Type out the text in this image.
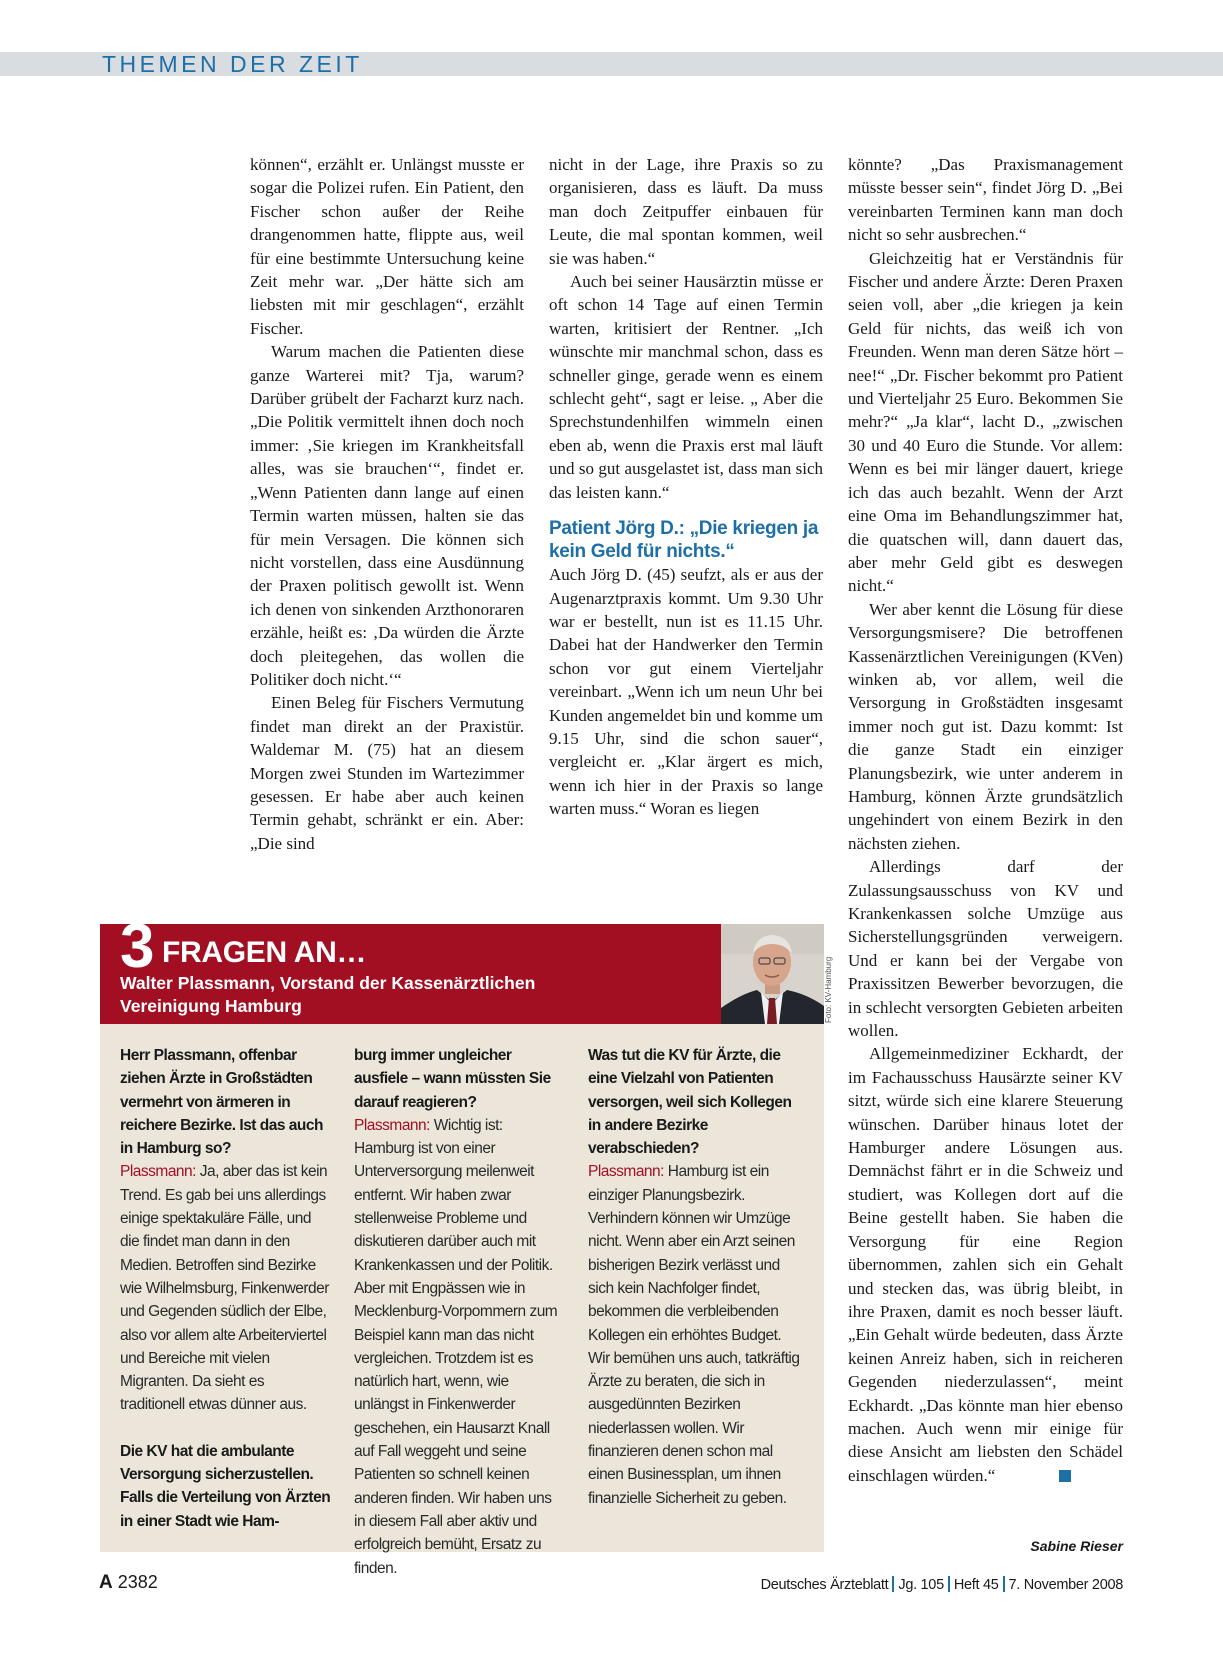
THEMEN DER ZEIT

können“, erzählt er. Unlängst musste er sogar die Polizei rufen. Ein Patient, den Fischer schon außer der Reihe drangenommen hatte, flippte aus, weil für eine bestimmte Untersuchung keine Zeit mehr war. „Der hätte sich am liebsten mit mir geschlagen“, erzählt Fischer.

Warum machen die Patienten diese ganze Warterei mit? Tja, warum? Darüber grübelt der Facharzt kurz nach. „Die Politik vermittelt ihnen doch noch immer: ‚Sie kriegen im Krankheitsfall alles, was sie brauchen‘“, findet er. „Wenn Patienten dann lange auf einen Termin warten müssen, halten sie das für mein Versagen. Die können sich nicht vorstellen, dass eine Ausdünnung der Praxen politisch gewollt ist. Wenn ich denen von sinkenden Arzthonoraren erzähle, heißt es: ‚Da würden die Ärzte doch pleitegehen, das wollen die Politiker doch nicht.‘“

Einen Beleg für Fischers Vermutung findet man direkt an der Praxistür. Waldemar M. (75) hat an diesem Morgen zwei Stunden im Wartezimmer gesessen. Er habe aber auch keinen Termin gehabt, schränkt er ein. Aber: „Die sind

nicht in der Lage, ihre Praxis so zu organisieren, dass es läuft. Da muss man doch Zeitpuffer einbauen für Leute, die mal spontan kommen, weil sie was haben.“

Auch bei seiner Hausärztin müsse er oft schon 14 Tage auf einen Termin warten, kritisiert der Rentner. „Ich wünschte mir manchmal schon, dass es schneller ginge, gerade wenn es einem schlecht geht“, sagt er leise. „ Aber die Sprechstundenhilfen wimmeln einen eben ab, wenn die Praxis erst mal läuft und so gut ausgelastet ist, dass man sich das leisten kann.“

Patient Jörg D.: „Die kriegen ja kein Geld für nichts.“

Auch Jörg D. (45) seufzt, als er aus der Augenarztpraxis kommt. Um 9.30 Uhr war er bestellt, nun ist es 11.15 Uhr. Dabei hat der Handwerker den Termin schon vor gut einem Vierteljahr vereinbart. „Wenn ich um neun Uhr bei Kunden angemeldet bin und komme um 9.15 Uhr, sind die schon sauer“, vergleicht er. „Klar ärgert es mich, wenn ich hier in der Praxis so lange warten muss.“ Woran es liegen

könnte? „Das Praxismanagement müsste besser sein“, findet Jörg D. „Bei vereinbarten Terminen kann man doch nicht so sehr ausbrechen.“

Gleichzeitig hat er Verständnis für Fischer und andere Ärzte: Deren Praxen seien voll, aber „die kriegen ja kein Geld für nichts, das weiß ich von Freunden. Wenn man deren Sätze hört – nee!“ „Dr. Fischer bekommt pro Patient und Vierteljahr 25 Euro. Bekommen Sie mehr?“ „Ja klar“, lacht D., „zwischen 30 und 40 Euro die Stunde. Vor allem: Wenn es bei mir länger dauert, kriege ich das auch bezahlt. Wenn der Arzt eine Oma im Behandlungszimmer hat, die quatschen will, dann dauert das, aber mehr Geld gibt es deswegen nicht.“

Wer aber kennt die Lösung für diese Versorgungsmisere? Die betroffenen Kassenärztlichen Vereinigungen (KVen) winken ab, vor allem, weil die Versorgung in Großstädten insgesamt immer noch gut ist. Dazu kommt: Ist die ganze Stadt ein einziger Planungsbezirk, wie unter anderem in Hamburg, können Ärzte grundsätzlich ungehindert von einem Bezirk in den nächsten ziehen.

Allerdings darf der Zulassungsausschuss von KV und Krankenkassen solche Umzüge aus Sicherstellungsgründen verweigern. Und er kann bei der Vergabe von Praxissitzen Bewerber bevorzugen, die in schlecht versorgten Gebieten arbeiten wollen.

Allgemeinmediziner Eckhardt, der im Fachausschuss Hausärzte seiner KV sitzt, würde sich eine klarere Steuerung wünschen. Darüber hinaus lotet der Hamburger andere Lösungen aus. Demnächst fährt er in die Schweiz und studiert, was Kollegen dort auf die Beine gestellt haben. Sie haben die Versorgung für eine Region übernommen, zahlen sich ein Gehalt und stecken das, was übrig bleibt, in ihre Praxen, damit es noch besser läuft. „Ein Gehalt würde bedeuten, dass Ärzte keinen Anreiz haben, sich in reicheren Gegenden niederzulassen“, meint Eckhardt. „Das könnte man hier ebenso machen. Auch wenn mir einige für diese Ansicht am liebsten den Schädel einschlagen würden.“

Sabine Rieser
3 FRAGEN AN…
Walter Plassmann, Vorstand der Kassenärztlichen Vereinigung Hamburg	Foto: KV-Hamburg
Herr Plassmann, offenbar ziehen Ärzte in Großstädten vermehrt von ärmeren in reichere Bezirke. Ist das auch in Hamburg so?
Plassmann: Ja, aber das ist kein Trend. Es gab bei uns allerdings einige spektakuläre Fälle, und die findet man dann in den Medien. Betroffen sind Bezirke wie Wilhelmsburg, Finkenwerder und Gegenden südlich der Elbe, also vor allem alte Arbeiterviertel und Bereiche mit vielen Migranten. Da sieht es traditionell etwas dünner aus.
Die KV hat die ambulante Versorgung sicherzustellen. Falls die Verteilung von Ärzten in einer Stadt wie Ham-
burg immer ungleicher ausfiele – wann müssten Sie darauf reagieren?
Plassmann: Wichtig ist: Hamburg ist von einer Unterversorgung meilenweit entfernt. Wir haben zwar stellenweise Probleme und diskutieren darüber auch mit Krankenkassen und der Politik. Aber mit Engpässen wie in Mecklenburg-Vorpommern zum Beispiel kann man das nicht vergleichen. Trotzdem ist es natürlich hart, wenn, wie unlängst in Finkenwerder geschehen, ein Hausarzt Knall auf Fall weggeht und seine Patienten so schnell keinen anderen finden. Wir haben uns in diesem Fall aber aktiv und erfolgreich bemüht, Ersatz zu finden.
Was tut die KV für Ärzte, die eine Vielzahl von Patienten versorgen, weil sich Kollegen in andere Bezirke verabschieden?
Plassmann: Hamburg ist ein einziger Planungsbezirk. Verhindern können wir Umzüge nicht. Wenn aber ein Arzt seinen bisherigen Bezirk verlässt und sich kein Nachfolger findet, bekommen die verbleibenden Kollegen ein erhöhtes Budget. Wir bemühen uns auch, tatkräftig Ärzte zu beraten, die sich in ausgedünnten Bezirken niederlassen wollen. Wir finanzieren denen schon mal einen Businessplan, um ihnen finanzielle Sicherheit zu geben.
A 2382	Deutsches Ärzteblatt Jg. 105 Heft 45 7. November 2008
